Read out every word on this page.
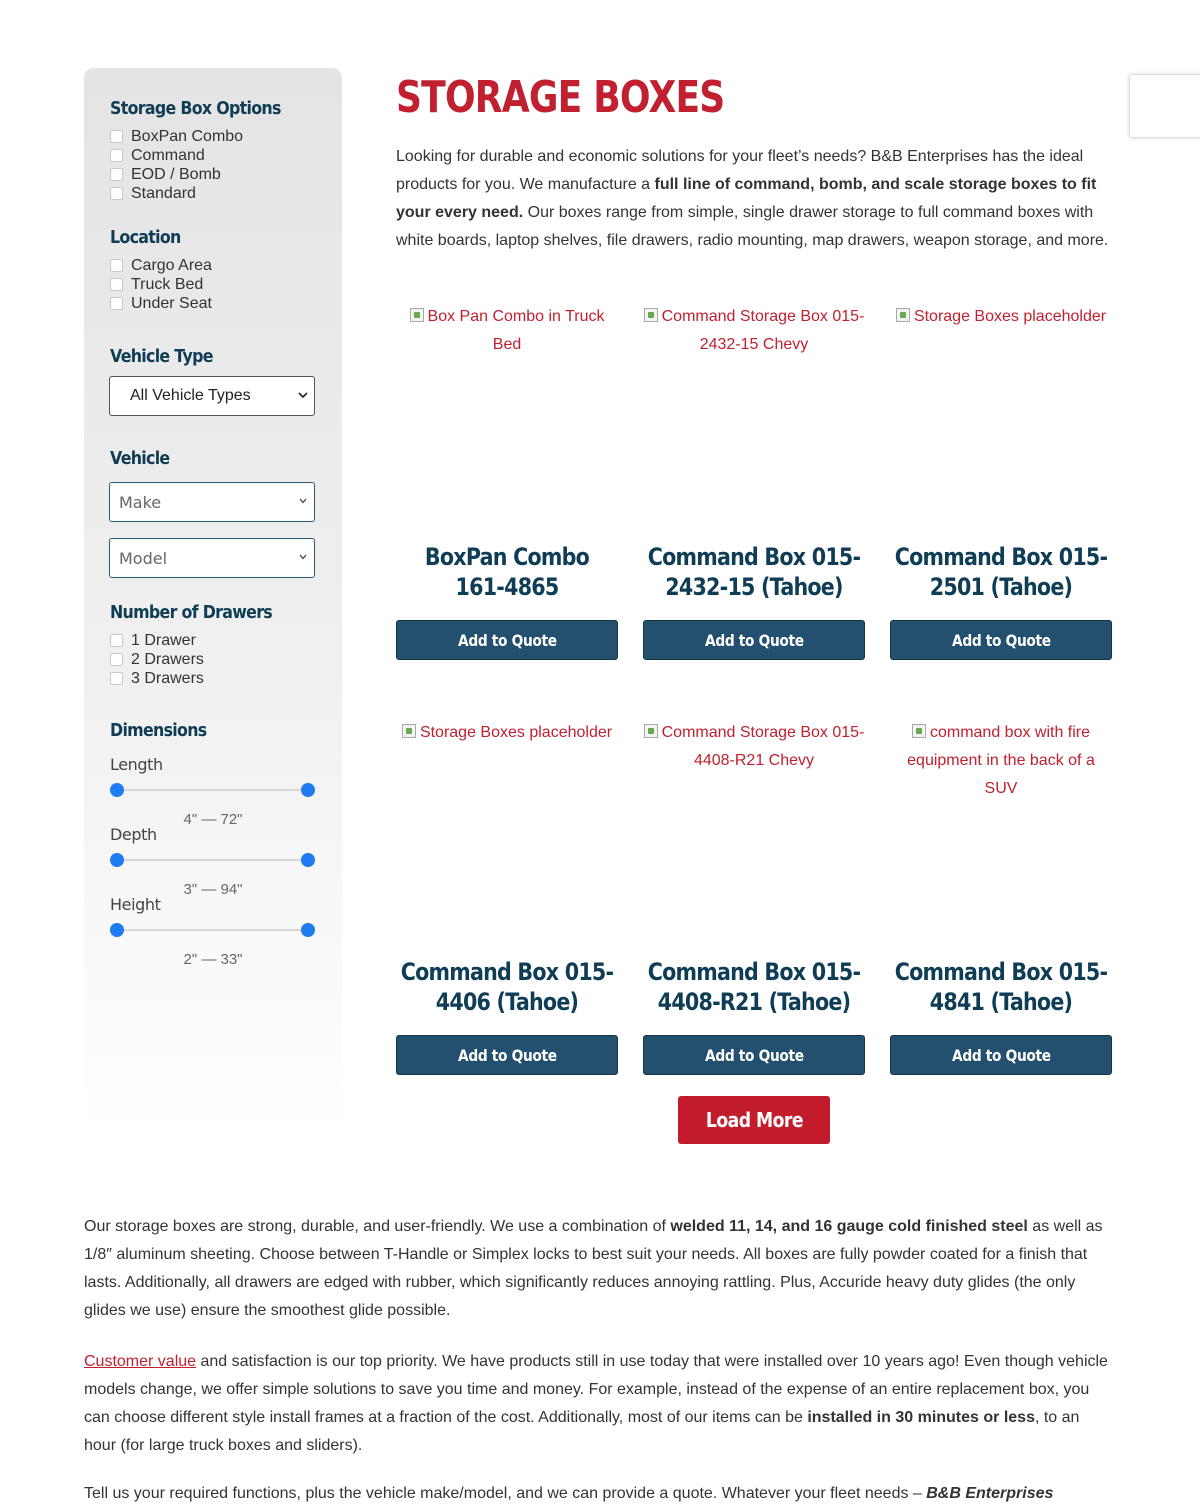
Storage Box Options
BoxPan Combo
Command
EOD / Bomb
Standard
Location
Cargo Area
Truck Bed
Under Seat
Vehicle Type
All Vehicle Types
Vehicle
Make
Model
Number of Drawers
1 Drawer
2 Drawers
3 Drawers
Dimensions
Length
4" — 72"
Depth
3" — 94"
Height
2" — 33"
STORAGE BOXES

Looking for durable and economic solutions for your fleet’s needs? B&B Enterprises has the ideal products for you. We manufacture a full line of command, bomb, and scale storage boxes to fit your every need. Our boxes range from simple, single drawer storage to full command boxes with white boards, laptop shelves, file drawers, radio mounting, map drawers, weapon storage, and more.

Box Pan Combo in Truck Bed
BoxPan Combo 161-4865
Add to Quote
Command Storage Box 015-2432-15 Chevy
Command Box 015-2432-15 (Tahoe)
Add to Quote
Storage Boxes placeholder
Command Box 015-2501 (Tahoe)
Add to Quote
Storage Boxes placeholder
Command Box 015-4406 (Tahoe)
Add to Quote
Command Storage Box 015-4408-R21 Chevy
Command Box 015-4408-R21 (Tahoe)
Add to Quote
command box with fire equipment in the back of a SUV
Command Box 015-4841 (Tahoe)
Add to Quote
Load More

Our storage boxes are strong, durable, and user-friendly. We use a combination of welded 11, 14, and 16 gauge cold finished steel as well as 1/8″ aluminum sheeting. Choose between T-Handle or Simplex locks to best suit your needs. All boxes are fully powder coated for a finish that lasts. Additionally, all drawers are edged with rubber, which significantly reduces annoying rattling. Plus, Accuride heavy duty glides (the only glides we use) ensure the smoothest glide possible.

Customer value and satisfaction is our top priority. We have products still in use today that were installed over 10 years ago! Even though vehicle models change, we offer simple solutions to save you time and money. For example, instead of the expense of an entire replacement box, you can choose different style install frames at a fraction of the cost. Additionally, most of our items can be installed in 30 minutes or less, to an hour (for large truck boxes and sliders).

Tell us your required functions, plus the vehicle make/model, and we can provide a quote. Whatever your fleet needs – B&B Enterprises
